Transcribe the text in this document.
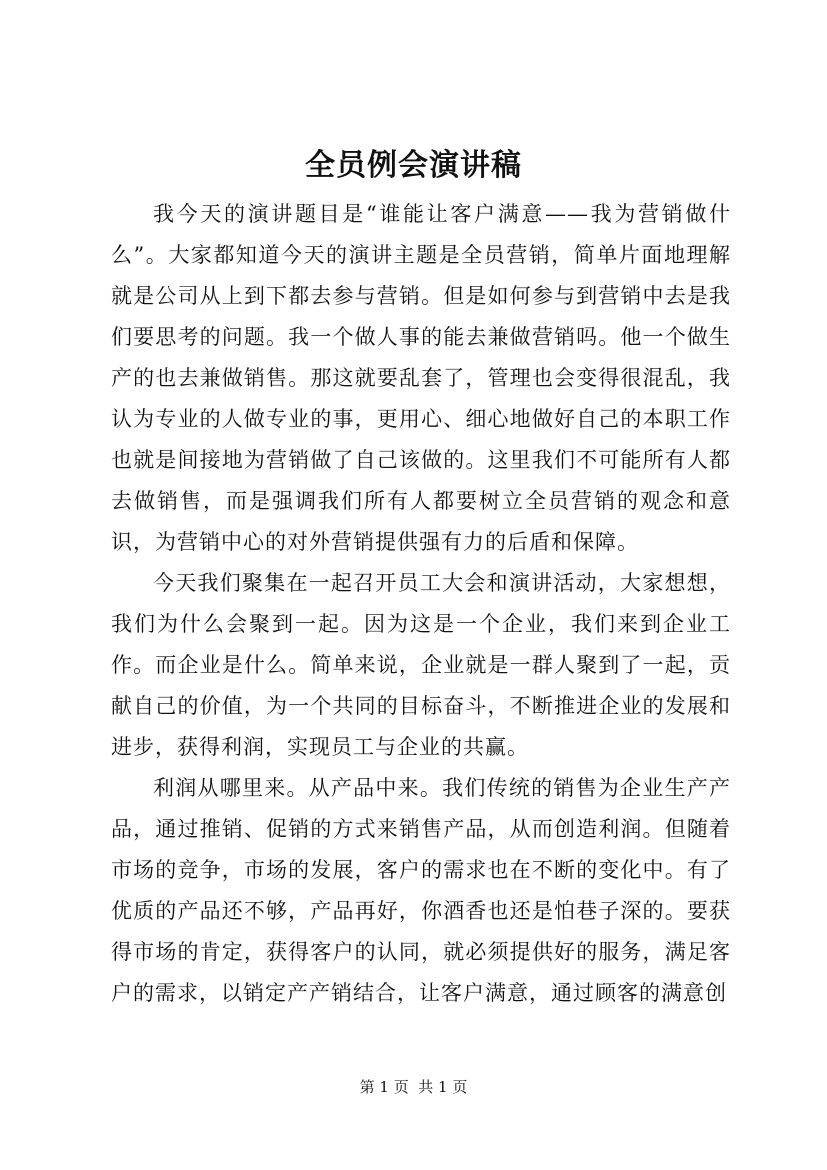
全员例会演讲稿

我今天的演讲题目是“谁能让客户满意——我为营销做什么”。大家都知道今天的演讲主题是全员营销，简单片面地理解就是公司从上到下都去参与营销。但是如何参与到营销中去是我们要思考的问题。我一个做人事的能去兼做营销吗。他一个做生产的也去兼做销售。那这就要乱套了，管理也会变得很混乱，我认为专业的人做专业的事，更用心、细心地做好自己的本职工作也就是间接地为营销做了自己该做的。这里我们不可能所有人都去做销售，而是强调我们所有人都要树立全员营销的观念和意识，为营销中心的对外营销提供强有力的后盾和保障。

今天我们聚集在一起召开员工大会和演讲活动，大家想想，我们为什么会聚到一起。因为这是一个企业，我们来到企业工作。而企业是什么。简单来说，企业就是一群人聚到了一起，贡献自己的价值，为一个共同的目标奋斗，不断推进企业的发展和进步，获得利润，实现员工与企业的共赢。

利润从哪里来。从产品中来。我们传统的销售为企业生产产品，通过推销、促销的方式来销售产品，从而创造利润。但随着市场的竞争，市场的发展，客户的需求也在不断的变化中。有了优质的产品还不够，产品再好，你酒香也还是怕巷子深的。要获得市场的肯定，获得客户的认同，就必须提供好的服务，满足客户的需求，以销定产产销结合，让客户满意，通过顾客的满意创

第 1 页  共 1 页
